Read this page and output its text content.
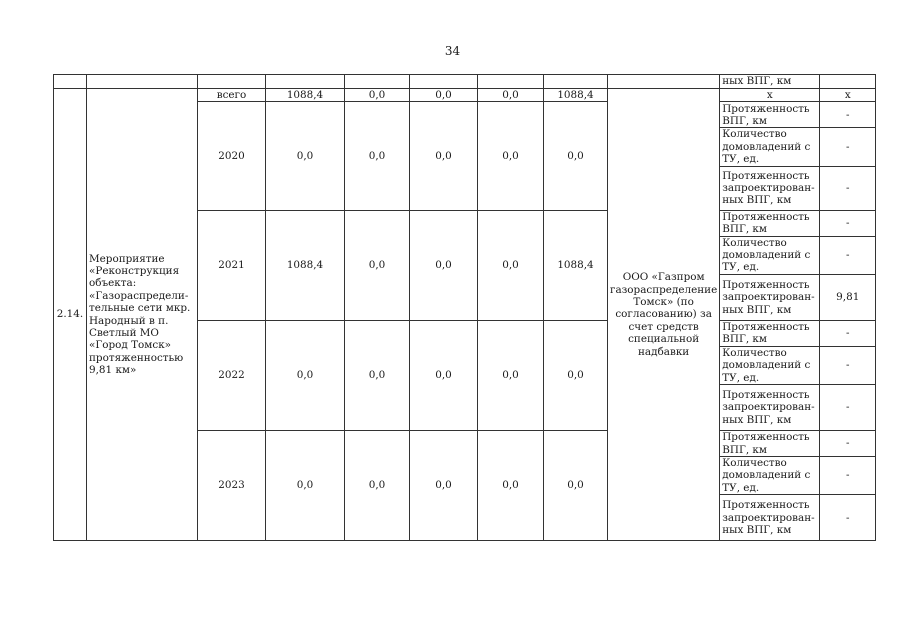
34
									ных ВПГ, км	
2.14.	Мероприятие «Реконструкция объекта: «Газораспредели-тельные сети мкр. Народный в п. Светлый МО «Город Томск» протяженностью 9,81 км»	всего	1088,4	0,0	0,0	0,0	1088,4	ООО «Газпром газораспределение Томск» (по согласованию) за счет средств специальной надбавки	х	х
		2020	0,0	0,0	0,0	0,0	0,0		Протяженность ВПГ, км	-
									Количество домовладений с ТУ, ед.	-
									Протяженность запроектирован-ных ВПГ, км	-
		2021	1088,4	0,0	0,0	0,0	1088,4		Протяженность ВПГ, км	-
									Количество домовладений с ТУ, ед.	-
									Протяженность запроектирован-ных ВПГ, км	9,81
		2022	0,0	0,0	0,0	0,0	0,0		Протяженность ВПГ, км	-
									Количество домовладений с ТУ, ед.	-
									Протяженность запроектирован-ных ВПГ, км	-
		2023	0,0	0,0	0,0	0,0	0,0		Протяженность ВПГ, км	-
									Количество домовладений с ТУ, ед.	-
									Протяженность запроектирован-ных ВПГ, км	-
